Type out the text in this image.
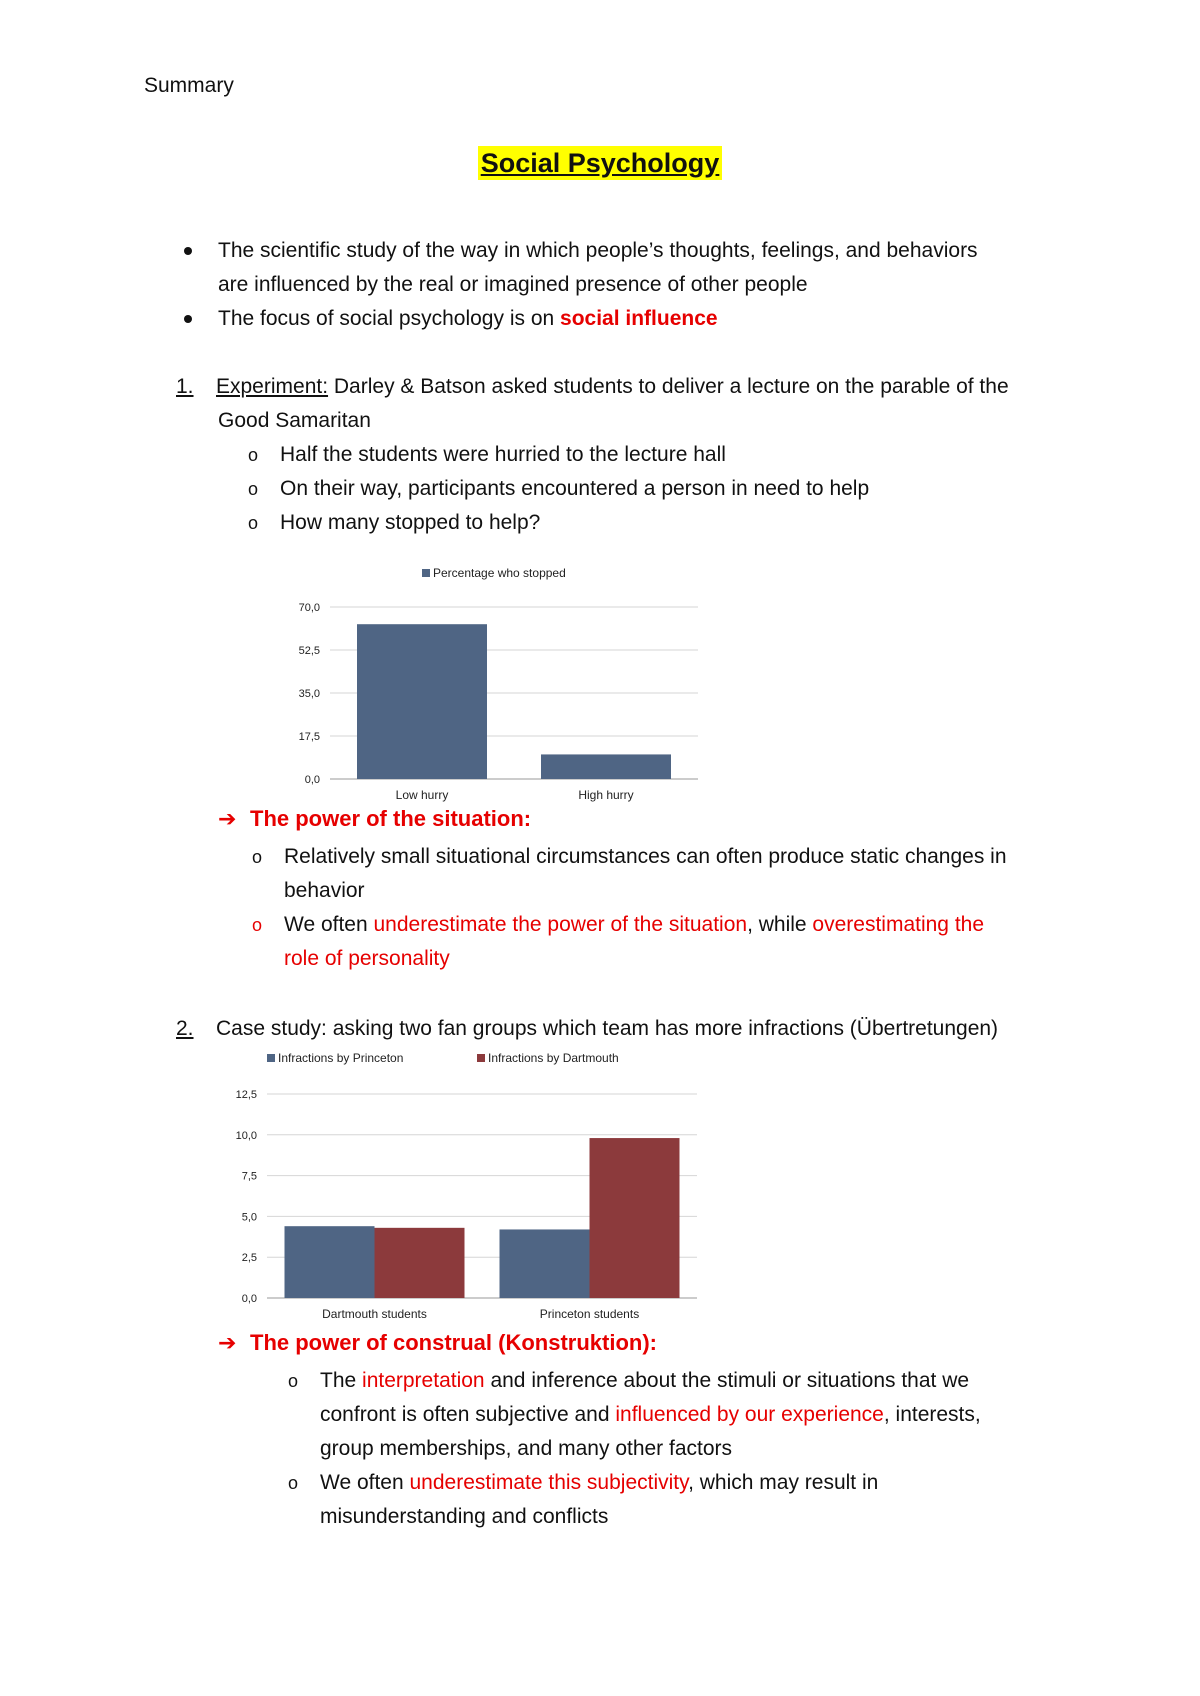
Summary
Social Psychology
The scientific study of the way in which people’s thoughts, feelings, and behaviors
are influenced by the real or imagined presence of other people
The focus of social psychology is on social influence
1. Experiment: Darley & Batson asked students to deliver a lecture on the parable of the
Good Samaritan
o Half the students were hurried to the lecture hall
o On their way, participants encountered a person in need to help
o How many stopped to help?
Percentage who stopped
70,0
52,5
35,0
17,5
0,0
Low hurry	High hurry
➔ The power of the situation:
o Relatively small situational circumstances can often produce static changes in
behavior
o We often underestimate the power of the situation, while overestimating the
role of personality
2. Case study: asking two fan groups which team has more infractions (Übertretungen)
Infractions by Princeton	Infractions by Dartmouth
12,5
10,0
7,5
5,0
2,5
0,0
Dartmouth students	Princeton students
➔ The power of construal (Konstruktion):
o The interpretation and inference about the stimuli or situations that we
confront is often subjective and influenced by our experience, interests,
group memberships, and many other factors
o We often underestimate this subjectivity, which may result in
misunderstanding and conflicts
